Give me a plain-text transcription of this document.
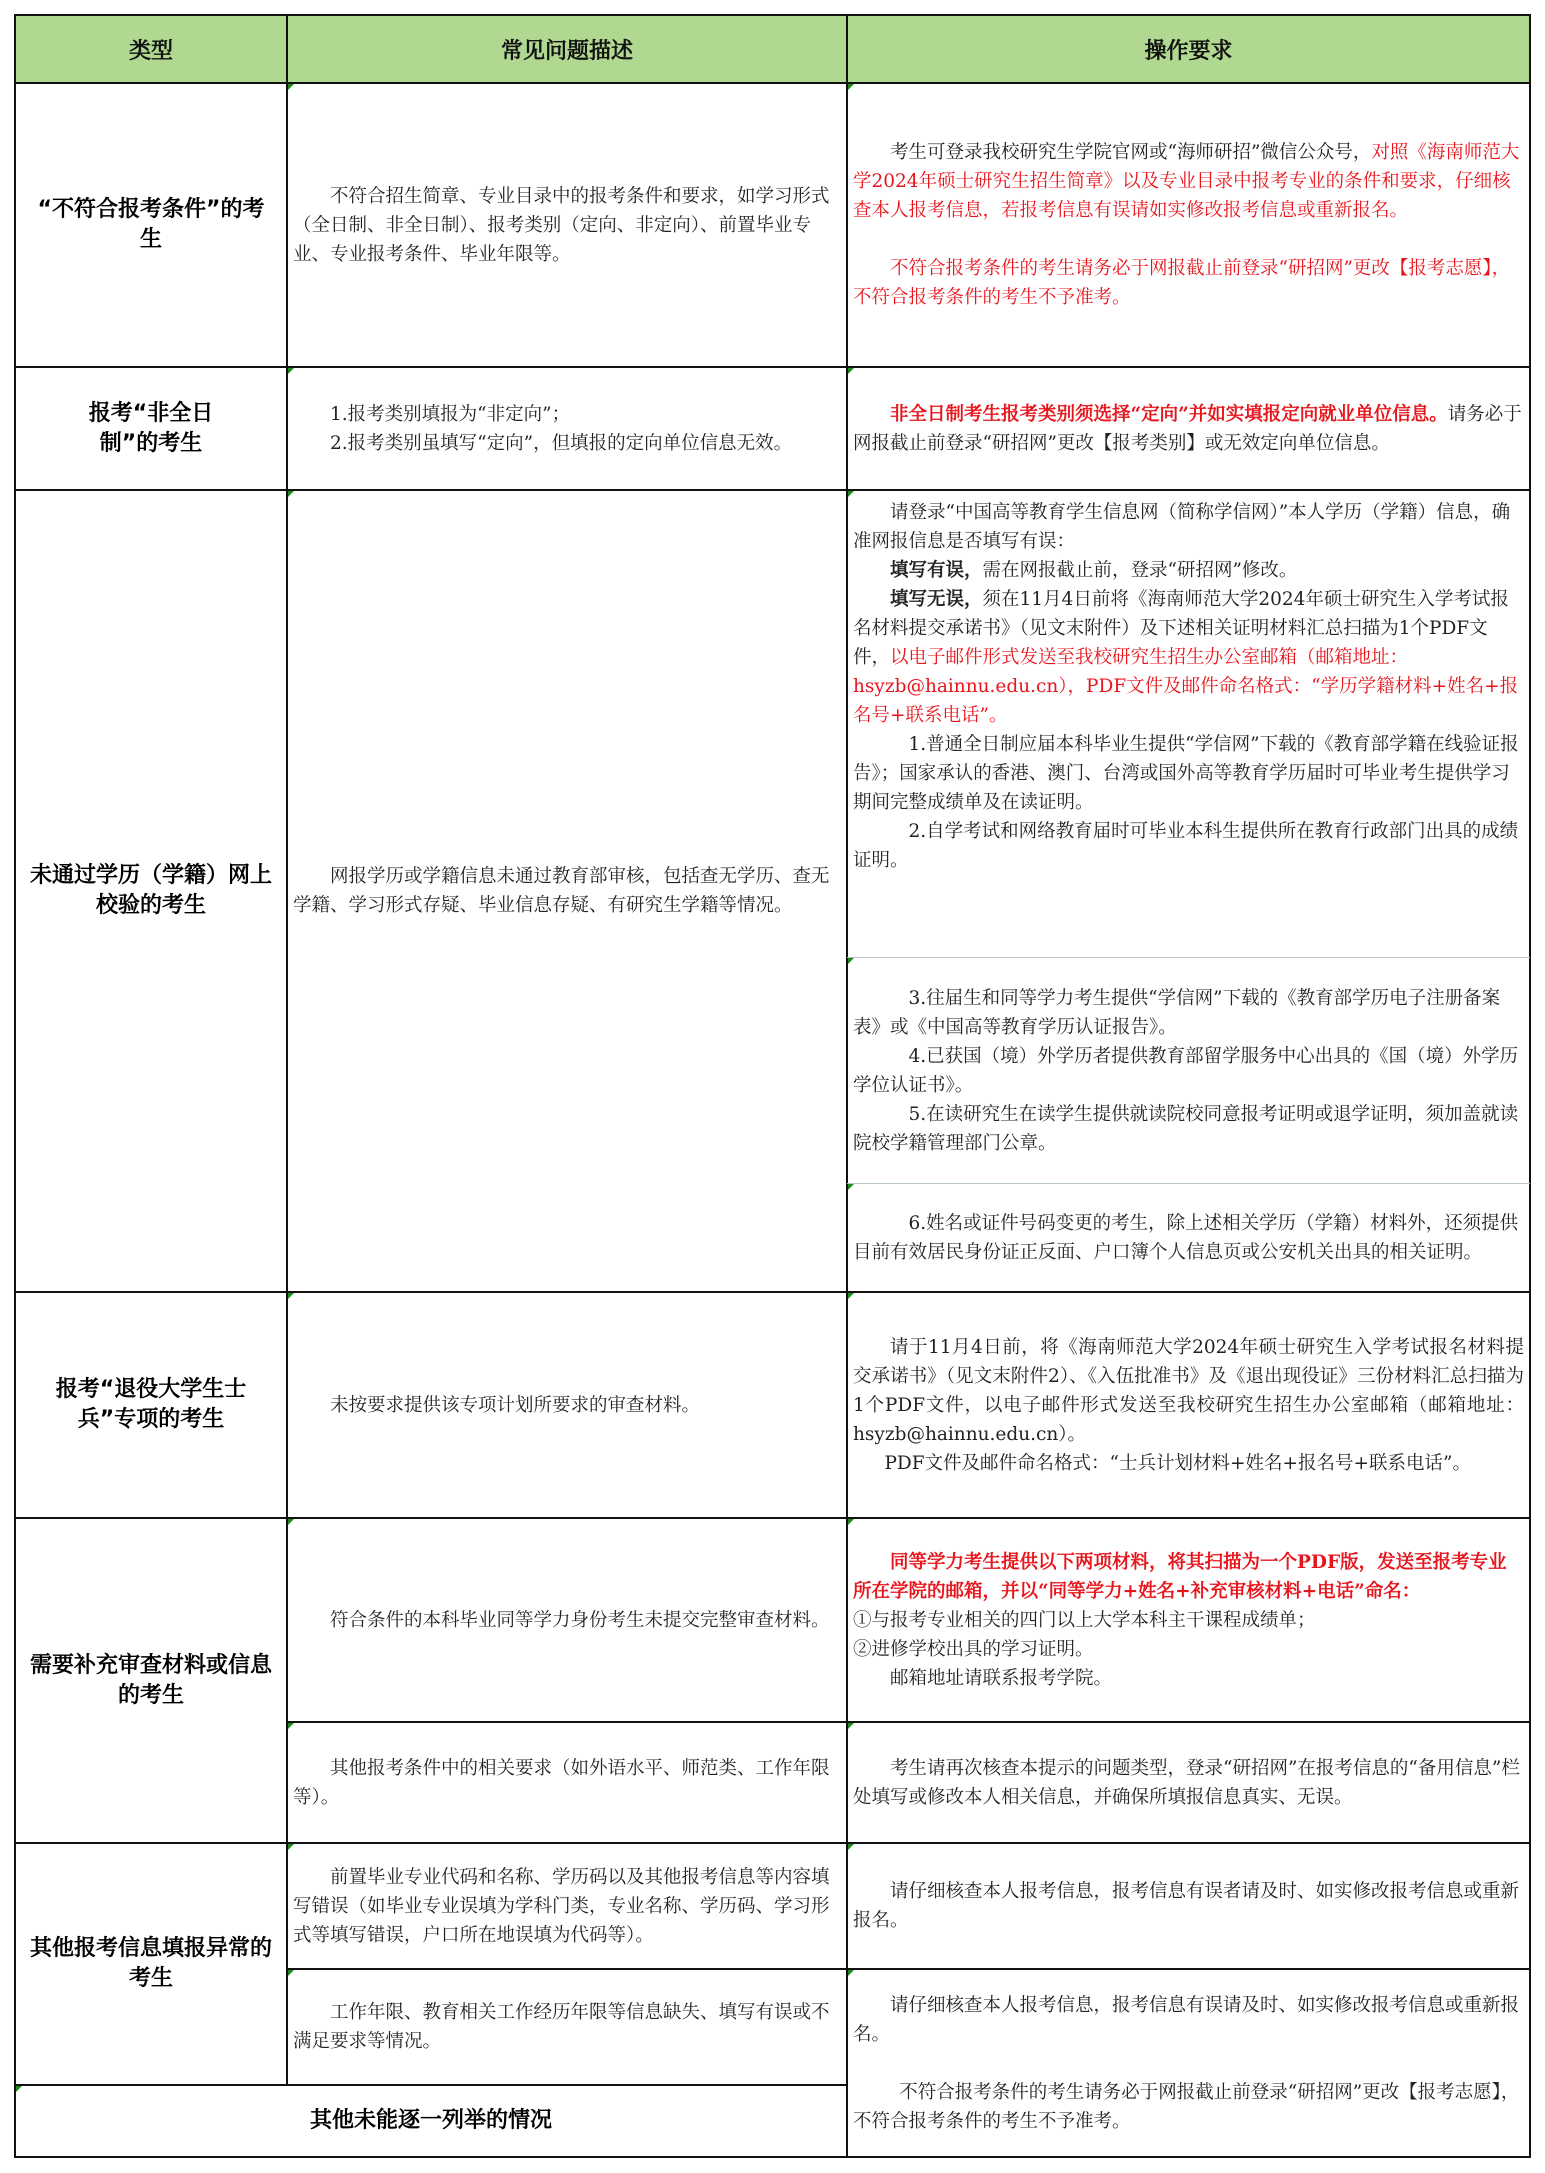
类型	常见问题描述	操作要求
“不符合报考条件”的考生

不符合招生简章、专业目录中的报考条件和要求，如学习形式（全日制、非全日制）、报考类别（定向、非定向）、前置毕业专业、专业报考条件、毕业年限等。

考生可登录我校研究生学院官网或“海师研招”微信公众号，对照《海南师范大学2024年硕士研究生招生简章》以及专业目录中报考专业的条件和要求，仔细核查本人报考信息，若报考信息有误请如实修改报考信息或重新报名。

不符合报考条件的考生请务必于网报截止前登录“研招网”更改【报考志愿】，不符合报考条件的考生不予准考。

报考“非全日制”的考生

1.报考类别填报为“非定向”；

2.报考类别虽填写“定向”，但填报的定向单位信息无效。

非全日制考生报考类别须选择“定向”并如实填报定向就业单位信息。请务必于网报截止前登录“研招网”更改【报考类别】或无效定向单位信息。

未通过学历（学籍）网上校验的考生

网报学历或学籍信息未通过教育部审核，包括查无学历、查无学籍、学习形式存疑、毕业信息存疑、有研究生学籍等情况。

请登录“中国高等教育学生信息网（简称学信网）”本人学历（学籍）信息，确准网报信息是否填写有误：

填写有误，需在网报截止前，登录“研招网”修改。

填写无误，须在11月4日前将《海南师范大学2024年硕士研究生入学考试报名材料提交承诺书》（见文末附件）及下述相关证明材料汇总扫描为1个PDF文件，以电子邮件形式发送至我校研究生招生办公室邮箱（邮箱地址：hsyzb@hainnu.edu.cn），PDF文件及邮件命名格式：“学历学籍材料+姓名+报名号+联系电话”。

1.普通全日制应届本科毕业生提供“学信网”下载的《教育部学籍在线验证报告》；国家承认的香港、澳门、台湾或国外高等教育学历届时可毕业考生提供学习期间完整成绩单及在读证明。

2.自学考试和网络教育届时可毕业本科生提供所在教育行政部门出具的成绩证明。

3.往届生和同等学力考生提供“学信网”下载的《教育部学历电子注册备案表》或《中国高等教育学历认证报告》。

4.已获国（境）外学历者提供教育部留学服务中心出具的《国（境）外学历学位认证书》。

5.在读研究生在读学生提供就读院校同意报考证明或退学证明，须加盖就读院校学籍管理部门公章。

6.姓名或证件号码变更的考生，除上述相关学历（学籍）材料外，还须提供目前有效居民身份证正反面、户口簿个人信息页或公安机关出具的相关证明。

报考“退役大学生士兵”专项的考生

未按要求提供该专项计划所要求的审查材料。

请于11月4日前，将《海南师范大学2024年硕士研究生入学考试报名材料提交承诺书》（见文末附件2）、《入伍批准书》及《退出现役证》三份材料汇总扫描为1个PDF文件，以电子邮件形式发送至我校研究生招生办公室邮箱（邮箱地址：hsyzb@hainnu.edu.cn）。

PDF文件及邮件命名格式：“士兵计划材料+姓名+报名号+联系电话”。

需要补充审查材料或信息的考生

符合条件的本科毕业同等学力身份考生未提交完整审查材料。

同等学力考生提供以下两项材料，将其扫描为一个PDF版，发送至报考专业所在学院的邮箱，并以“同等学力+姓名+补充审核材料+电话”命名：

①与报考专业相关的四门以上大学本科主干课程成绩单；

②进修学校出具的学习证明。

邮箱地址请联系报考学院。

其他报考条件中的相关要求（如外语水平、师范类、工作年限等）。

考生请再次核查本提示的问题类型，登录“研招网”在报考信息的“备用信息”栏处填写或修改本人相关信息，并确保所填报信息真实、无误。

其他报考信息填报异常的考生

前置毕业专业代码和名称、学历码以及其他报考信息等内容填写错误（如毕业专业误填为学科门类，专业名称、学历码、学习形式等填写错误，户口所在地误填为代码等）。

请仔细核查本人报考信息，报考信息有误者请及时、如实修改报考信息或重新报名。

工作年限、教育相关工作经历年限等信息缺失、填写有误或不满足要求等情况。

请仔细核查本人报考信息，报考信息有误请及时、如实修改报考信息或重新报名。

不符合报考条件的考生请务必于网报截止前登录“研招网”更改【报考志愿】，不符合报考条件的考生不予准考。

其他未能逐一列举的情况
